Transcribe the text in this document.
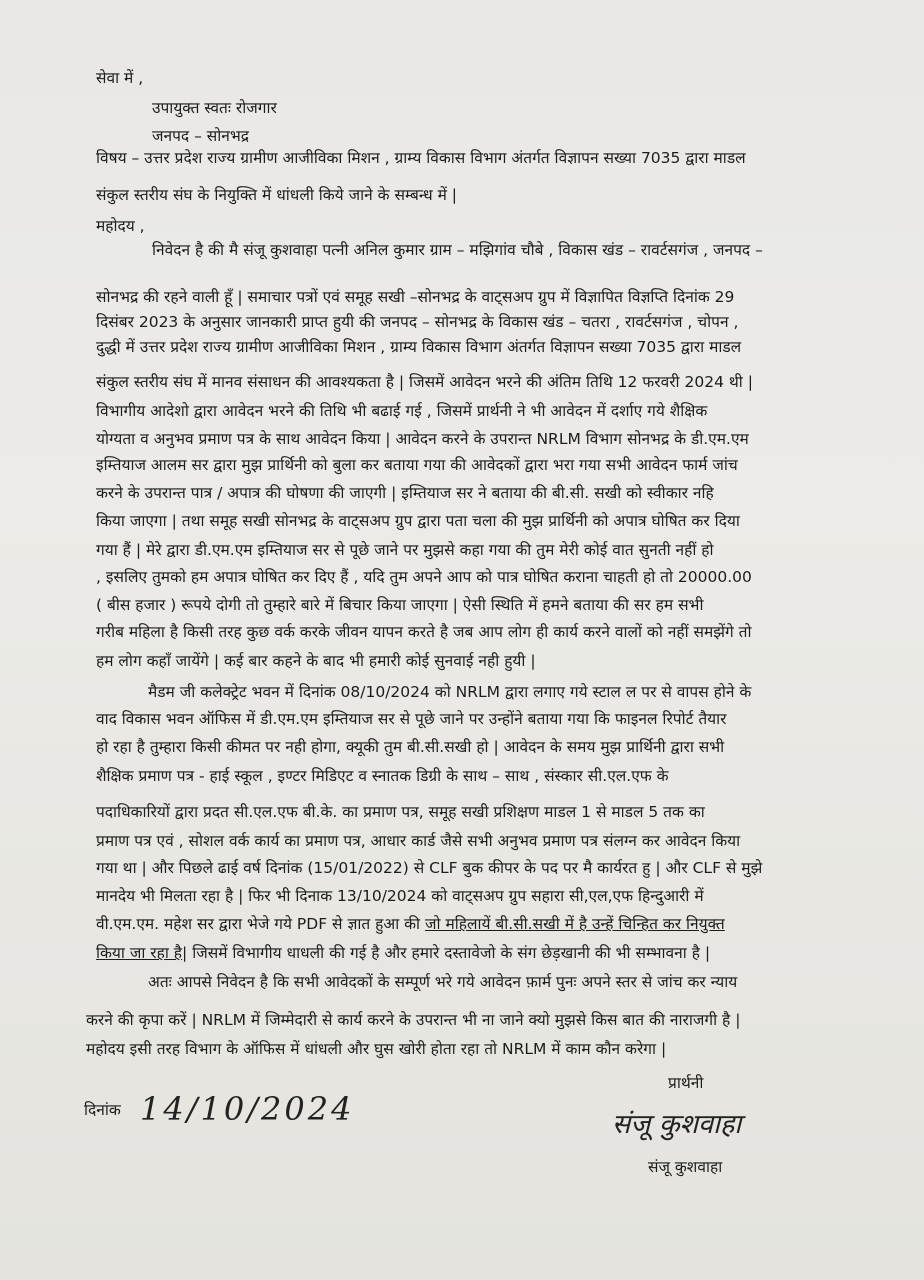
सेवा में ,
उपायुक्त स्वतः रोजगार
जनपद – सोनभद्र
विषय – उत्तर प्रदेश राज्य ग्रामीण आजीविका मिशन , ग्राम्य विकास विभाग अंतर्गत विज्ञापन सख्या 7035 द्वारा माडल
संकुल स्तरीय संघ के नियुक्ति में धांधली किये जाने के सम्बन्ध में |
महोदय ,
निवेदन है की मै संजू कुशवाहा पत्नी अनिल कुमार ग्राम – मझिगांव चौबे , विकास खंड – रावर्टसगंज , जनपद –
सोनभद्र की रहने वाली हूँ | समाचार पत्रों एवं समूह सखी –सोनभद्र के वाट्सअप ग्रुप में विज्ञापित विज्ञप्ति दिनांक 29
दिसंबर 2023 के अनुसार जानकारी प्राप्त हुयी की जनपद – सोनभद्र के विकास खंड – चतरा , रावर्टसगंज , चोपन ,
दुद्धी में उत्तर प्रदेश राज्य ग्रामीण आजीविका मिशन , ग्राम्य विकास विभाग अंतर्गत विज्ञापन सख्या 7035 द्वारा माडल
संकुल स्तरीय संघ में मानव संसाधन की आवश्यकता है | जिसमें आवेदन भरने की अंतिम तिथि 12 फरवरी 2024 थी |
विभागीय आदेशो द्वारा आवेदन भरने की तिथि भी बढाई गई , जिसमें प्रार्थनी ने भी आवेदन में दर्शाए गये शैक्षिक
योग्यता व अनुभव प्रमाण पत्र के साथ आवेदन किया | आवेदन करने के उपरान्त NRLM विभाग सोनभद्र के डी.एम.एम
इम्तियाज आलम सर द्वारा मुझ प्रार्थिनी को बुला कर बताया गया की आवेदकों द्वारा भरा गया सभी आवेदन फार्म जांच
करने के उपरान्त पात्र / अपात्र की घोषणा की जाएगी | इम्तियाज सर ने बताया की बी.सी. सखी को स्वीकार नहि
किया जाएगा | तथा समूह सखी सोनभद्र के वाट्सअप ग्रुप द्वारा पता चला की मुझ प्रार्थिनी को अपात्र घोषित कर दिया
गया हैं | मेरे द्वारा डी.एम.एम इम्तियाज सर से पूछे जाने पर मुझसे कहा गया की तुम मेरी कोई वात सुनती नहीं हो
, इसलिए तुमको हम अपात्र घोषित कर दिए हैं , यदि तुम अपने आप को पात्र घोषित कराना चाहती हो तो 20000.00
( बीस हजार ) रूपये दोगी तो तुम्हारे बारे में बिचार किया जाएगा | ऐसी स्थिति में हमने बताया की सर हम सभी
गरीब महिला है किसी तरह कुछ वर्क करके जीवन यापन करते है जब आप लोग ही कार्य करने वालों को नहीं समझेंगे तो
हम लोग कहाँ जायेंगे | कई बार कहने के बाद भी हमारी कोई सुनवाई नही हुयी |
मैडम जी कलेक्ट्रेट भवन में दिनांक 08/10/2024 को NRLM द्वारा लगाए गये स्टाल ल पर से वापस होने के
वाद विकास भवन ऑफिस में डी.एम.एम इम्तियाज सर से पूछे जाने पर उन्होंने बताया गया कि फाइनल रिपोर्ट तैयार
हो रहा है तुम्हारा किसी कीमत पर नही होगा, क्यूकी तुम बी.सी.सखी हो | आवेदन के समय मुझ प्रार्थिनी द्वारा सभी
शैक्षिक प्रमाण पत्र - हाई स्कूल , इण्टर मिडिएट व स्नातक डिग्री के साथ – साथ , संस्कार सी.एल.एफ के
पदाधिकारियों द्वारा प्रदत सी.एल.एफ बी.के. का प्रमाण पत्र, समूह सखी प्रशिक्षण माडल 1 से माडल 5 तक का
प्रमाण पत्र एवं , सोशल वर्क कार्य का प्रमाण पत्र, आधार कार्ड जैसे सभी अनुभव प्रमाण पत्र संलग्न कर आवेदन किया
गया था | और पिछले ढाई वर्ष दिनांक (15/01/2022) से CLF बुक कीपर के पद पर मै कार्यरत हु | और CLF से मुझे
मानदेय भी मिलता रहा है | फिर भी दिनाक 13/10/2024 को वाट्सअप ग्रुप सहारा सी,एल,एफ हिन्दुआरी में
वी.एम.एम. महेश सर द्वारा भेजे गये PDF से ज्ञात हुआ की जो महिलायें बी.सी.सखी में है उन्हें चिन्हित कर नियुक्त
किया जा रहा है| जिसमें विभागीय धाधली की गई है और हमारे दस्तावेजो के संग छेड़खानी की भी सम्भावना है |
अतः आपसे निवेदन है कि सभी आवेदकों के सम्पूर्ण भरे गये आवेदन फ़ार्म पुनः अपने स्तर से जांच कर न्याय
करने की कृपा करें | NRLM में जिम्मेदारी से कार्य करने के उपरान्त भी ना जाने क्यो मुझसे किस बात की नाराजगी है |
महोदय इसी तरह विभाग के ऑफिस में धांधली और घुस खोरी होता रहा तो NRLM में काम कौन करेगा |
दिनांक 14/10/2024
प्रार्थनी
संजू कुशवाहा
संजू कुशवाहा
